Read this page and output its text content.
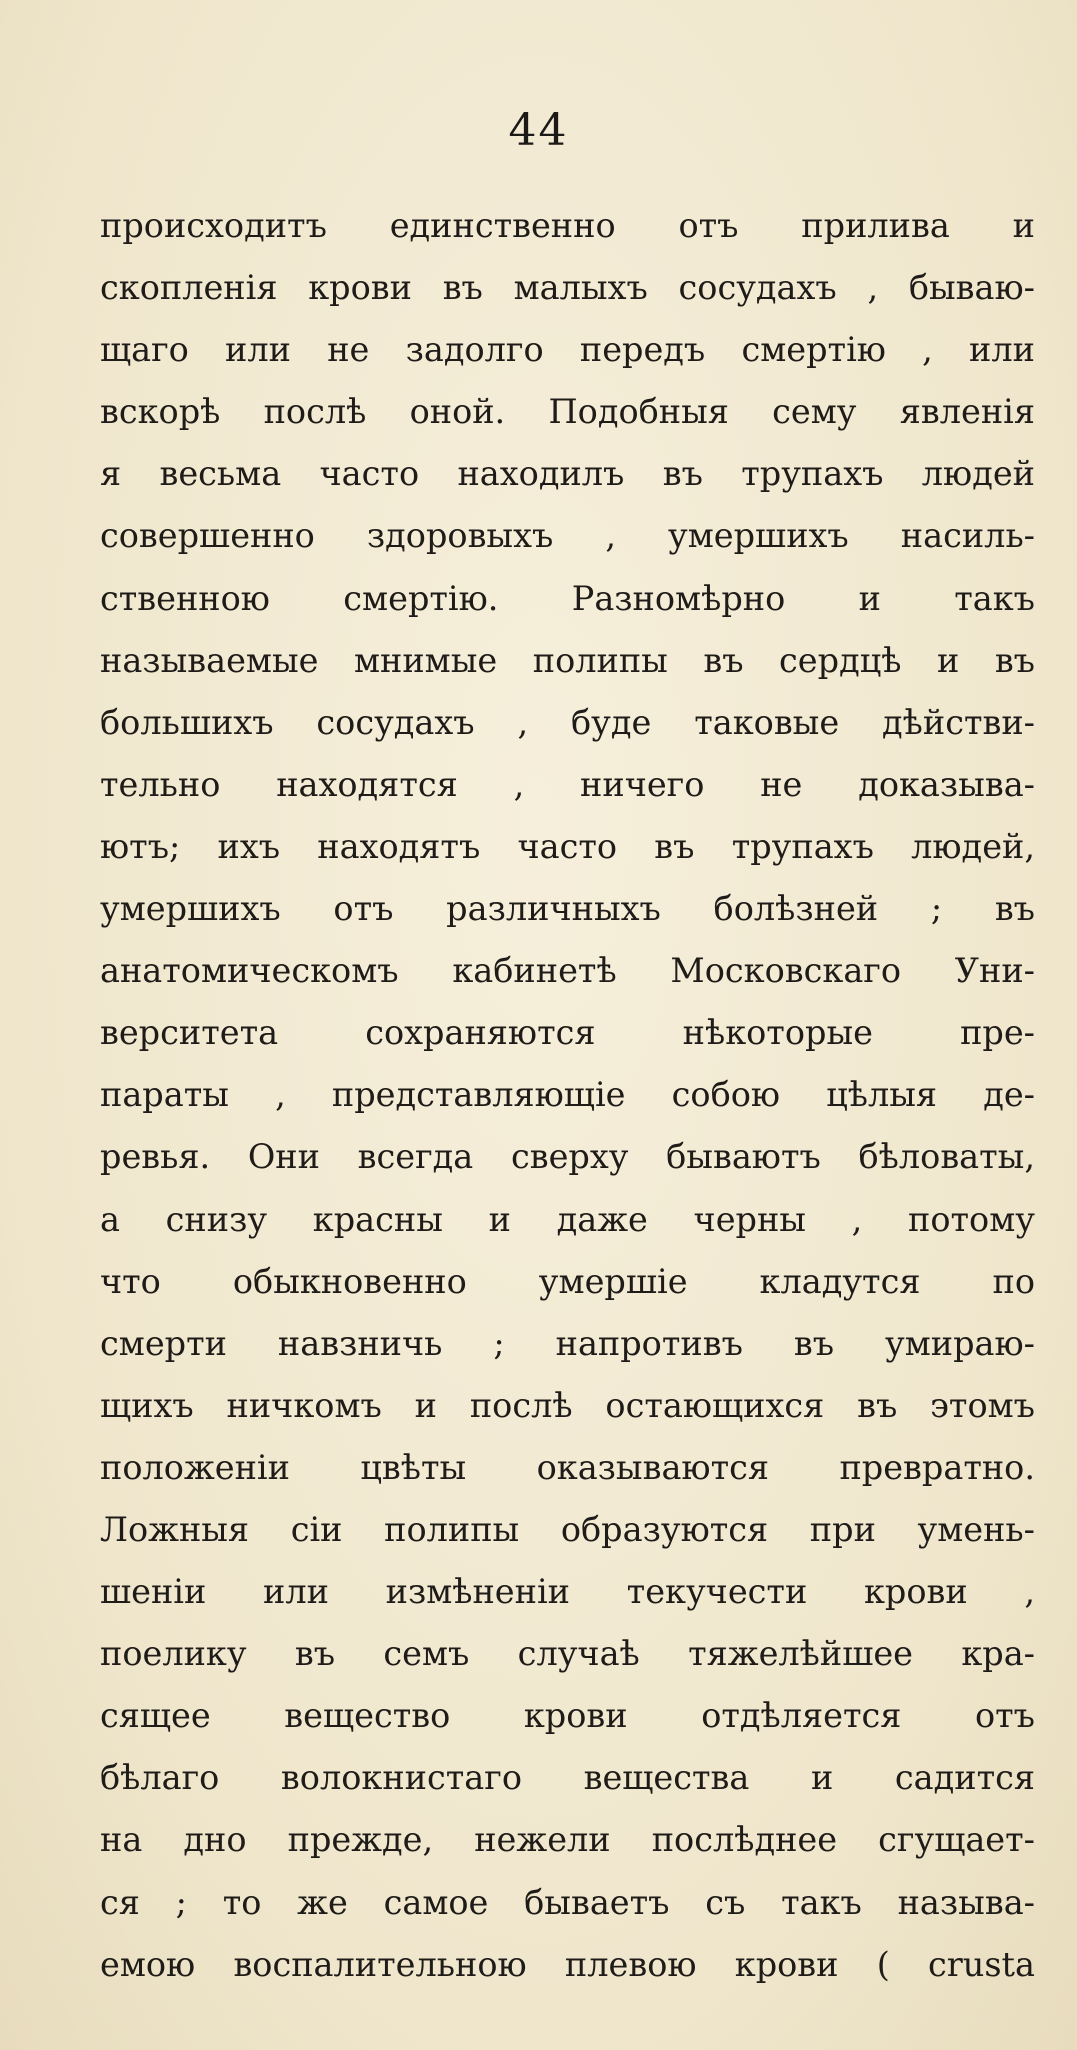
44
происходитъ единственно отъ прилива и
скопленія крови въ малыхъ сосудахъ , бываю-
щаго или не задолго передъ смертію , или
вскорѣ послѣ оной. Подобныя сему явленія
я весьма часто находилъ въ трупахъ людей
совершенно здоровыхъ , умершихъ насиль-
ственною смертію. Разномѣрно и такъ
называемые мнимые полипы въ сердцѣ и въ
большихъ сосудахъ , буде таковые дѣйстви-
тельно находятся , ничего не доказыва-
ютъ; ихъ находятъ часто въ трупахъ людей,
умершихъ отъ различныхъ болѣзней ; въ
анатомическомъ кабинетѣ Московскаго Уни-
верситета сохраняются нѣкоторые пре-
параты , представляющіе собою цѣлыя де-
ревья. Они всегда сверху бываютъ бѣловаты,
а снизу красны и даже черны , потому
что обыкновенно умершіе кладутся по
смерти навзничь ; напротивъ въ умираю-
щихъ ничкомъ и послѣ остающихся въ этомъ
положеніи цвѣты оказываются превратно.
Ложныя сіи полипы образуются при умень-
шеніи или измѣненіи текучести крови ,
поелику въ семъ случаѣ тяжелѣйшее кра-
сящее вещество крови отдѣляется отъ
бѣлаго волокнистаго вещества и садится
на дно прежде, нежели послѣднее сгущает-
ся ; то же самое бываетъ съ такъ называ-
емою воспалительною плевою крови ( crusta
